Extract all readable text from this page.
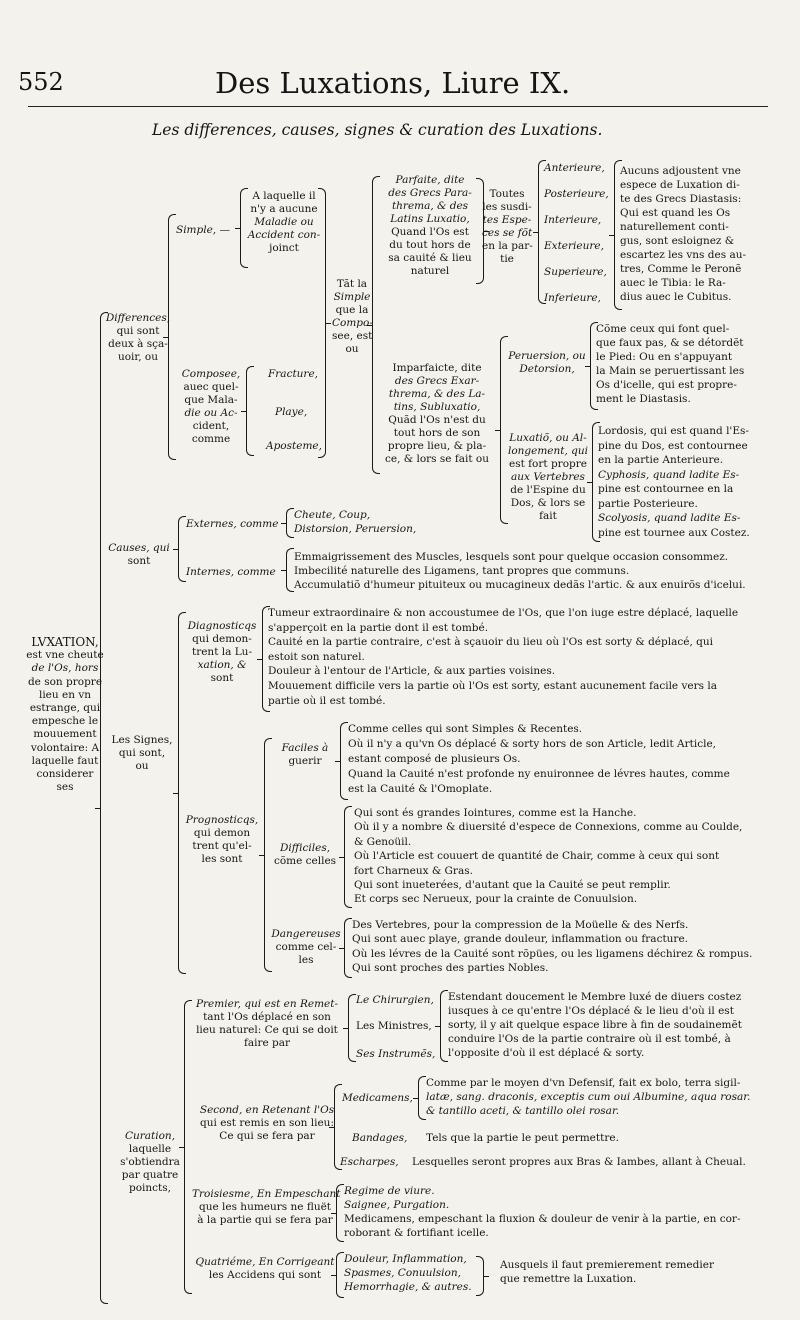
552	Des Luxations, Liure IX.
Les differences, causes, signes & curation des Luxations.
LVXATION,
est vne cheute
de l'Os, hors
de son propre
lieu en vn
estrange, qui
empesche le
mouuement
volontaire: A
laquelle faut
considerer
ses
Differences,
qui sont
deux à sça-
uoir, ou
Simple, —
A laquelle il
n'y a aucune
Maladie ou
Accident con-
joinct
Composee,
auec quel-
que Mala-
die ou Ac-
cident,
comme
Fracture,
Playe,
Aposteme,
Tãt la
Simple
que la
Compo-
see, est
ou
Parfaite, dite
des Grecs Para-
threma, & des
Latins Luxatio,
Quand l'Os est
du tout hors de
sa cauité & lieu
naturel
Toutes
les susdi-
tes Espe-
ces se fõt
en la par-
tie
Anterieure,
Posterieure,
Interieure,
Exterieure,
Superieure,
Inferieure,
Aucuns adjoustent vne
espece de Luxation di-
te des Grecs Diastasis:
Qui est quand les Os
naturellement conti-
gus, sont esloignez &
escartez les vns des au-
tres, Comme le Peronẽ
auec le Tibia: le Ra-
dius auec le Cubitus.
Imparfaicte, dite
des Grecs Exar-
threma, & des La-
tins, Subluxatio,
Quãd l'Os n'est du
tout hors de son
propre lieu, & pla-
ce, & lors se fait ou
Peruersion, ou
Detorsion,
Cõme ceux qui font quel-
que faux pas, & se détordẽt
le Pied: Ou en s'appuyant
la Main se peruertissant les
Os d'icelle, qui est propre-
ment le Diastasis.
Luxatiõ, ou Al-
longement, qui
est fort propre
aux Vertebres
de l'Espine du
Dos, & lors se
fait
Lordosis, qui est quand l'Es-
pine du Dos, est contournee
en la partie Anterieure.
Cyphosis, quand ladite Es-
pine est contournee en la
partie Posterieure.
Scolyosis, quand ladite Es-
pine est tournee aux Costez.
Causes, qui
sont
Externes, comme
Cheute, Coup,
Distorsion, Peruersion,
Internes, comme
Emmaigrissement des Muscles, lesquels sont pour quelque occasion consommez.
Imbecilité naturelle des Ligamens, tant propres que communs.
Accumulatiõ d'humeur pituiteux ou mucagineux dedãs l'artic. & aux enuirõs d'icelui.
Les Signes,
qui sont,
ou
Diagnosticqs
qui demon-
trent la Lu-
xation, &
sont
Tumeur extraordinaire & non accoustumee de l'Os, que l'on iuge estre déplacé, laquelle
s'apperçoit en la partie dont il est tombé.
Cauité en la partie contraire, c'est à sçauoir du lieu où l'Os est sorty & déplacé, qui
estoit son naturel.
Douleur à l'entour de l'Article, & aux parties voisines.
Mouuement difficile vers la partie où l'Os est sorty, estant aucunement facile vers la
partie où il est tombé.
Prognosticqs,
qui demon
trent qu'el-
les sont
Faciles à
guerir
Comme celles qui sont Simples & Recentes.
Où il n'y a qu'vn Os déplacé & sorty hors de son Article, ledit Article,
estant composé de plusieurs Os.
Quand la Cauité n'est profonde ny enuironnee de lévres hautes, comme
est la Cauité & l'Omoplate.
Difficiles,
cõme celles
Qui sont és grandes Iointures, comme est la Hanche.
Où il y a nombre & diuersité d'espece de Connexions, comme au Coulde,
& Genoüil.
Où l'Article est couuert de quantité de Chair, comme à ceux qui sont
fort Charneux & Gras.
Qui sont inueterées, d'autant que la Cauité se peut remplir.
Et corps sec Nerueux, pour la crainte de Conuulsion.
Dangereuses
comme cel-
les
Des Vertebres, pour la compression de la Moüelle & des Nerfs.
Qui sont auec playe, grande douleur, inflammation ou fracture.
Où les lévres de la Cauité sont rõpües, ou les ligamens déchirez & rompus.
Qui sont proches des parties Nobles.
Curation,
laquelle
s'obtiendra
par quatre
poincts,
Premier, qui est en Remet-
tant l'Os déplacé en son
lieu naturel: Ce qui se doit
faire par
Le Chirurgien,
Les Ministres,
Ses Instrumẽs,
Estendant doucement le Membre luxé de diuers costez
iusques à ce qu'entre l'Os déplacé & le lieu d'où il est
sorty, il y ait quelque espace libre à fin de soudainemẽt
conduire l'Os de la partie contraire où il est tombé, à
l'opposite d'où il est déplacé & sorty.
Second, en Retenant l'Os
qui est remis en son lieu:
Ce qui se fera par
Medicamens,
Comme par le moyen d'vn Defensif, fait ex bolo, terra sigil-
latæ, sang. draconis, exceptis cum oui Albumine, aqua rosar.
& tantillo aceti, & tantillo olei rosar.
Bandages, Tels que la partie le peut permettre.
Escharpes, Lesquelles seront propres aux Bras & Iambes, allant à Cheual.
Troisiesme, En Empeschant
que les humeurs ne fluët
à la partie qui se fera par
Regime de viure.
Saignee, Purgation.
Medicamens, empeschant la fluxion & douleur de venir à la partie, en cor-
roborant & fortifiant icelle.
Quatriéme, En Corrigeant
les Accidens qui sont
Douleur, Inflammation,
Spasmes, Conuulsion,
Hemorrhagie, & autres.
Ausquels il faut premierement remedier
que remettre la Luxation.
